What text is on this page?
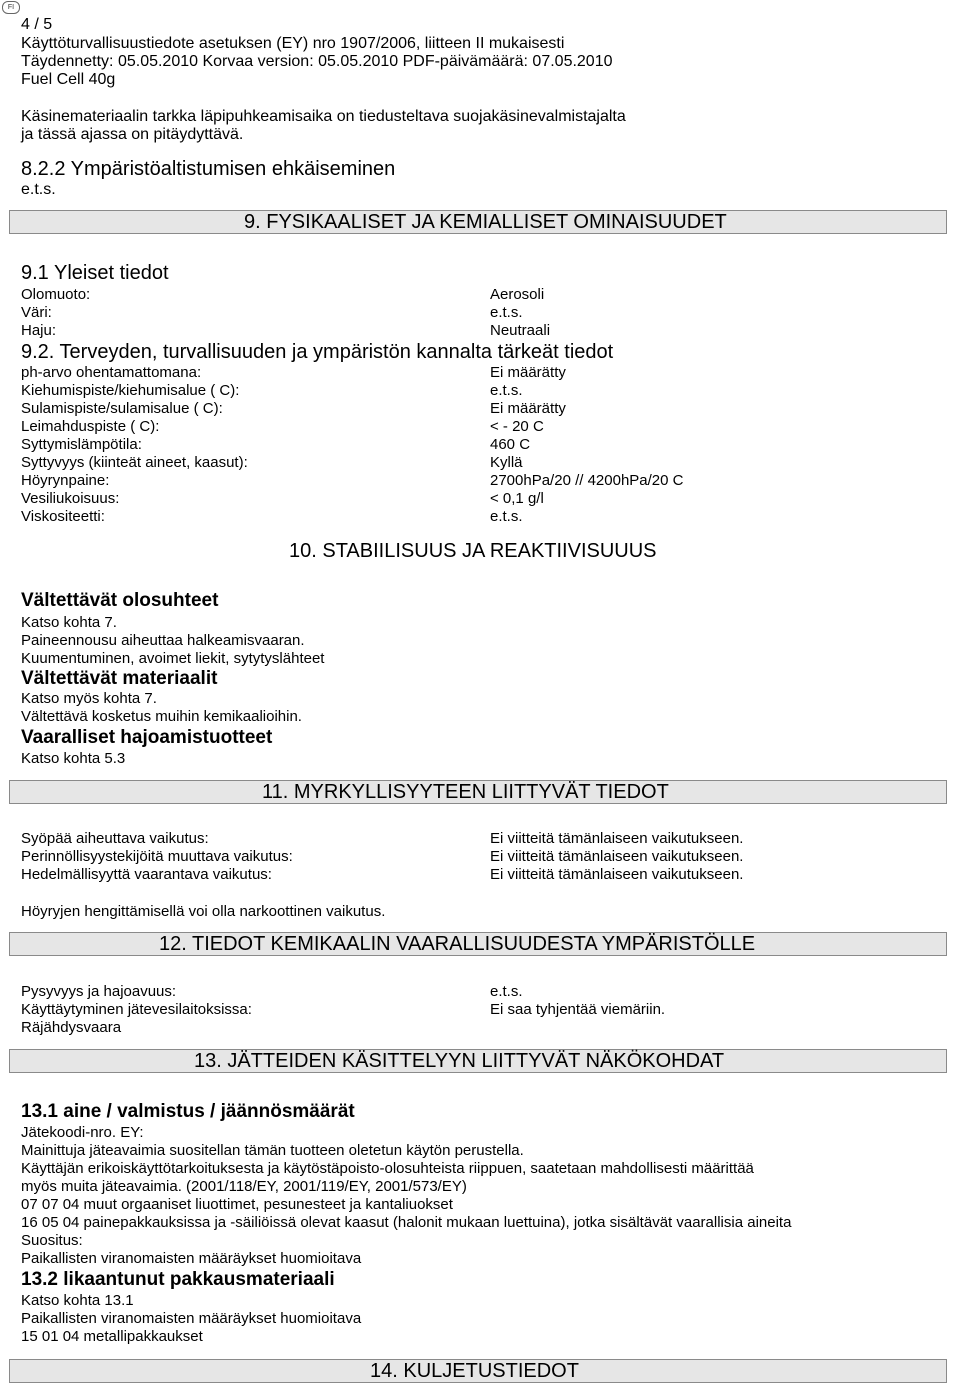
FI
4 / 5
Käyttöturvallisuustiedote asetuksen (EY) nro 1907/2006, liitteen II mukaisesti
Täydennetty: 05.05.2010 Korvaa version: 05.05.2010 PDF-päivämäärä: 07.05.2010
Fuel Cell 40g
Käsinemateriaalin tarkka läpipuhkeamisaika on tiedusteltava suojakäsinevalmistajalta
ja tässä ajassa on pitäydyttävä.
8.2.2 Ympäristöaltistumisen ehkäiseminen
e.t.s.
9. FYSIKAALISET JA KEMIALLISET OMINAISUUDET
9.1 Yleiset tiedot
Olomuoto:	Aerosoli
Väri:	e.t.s.
Haju:	Neutraali
9.2. Terveyden, turvallisuuden ja ympäristön kannalta tärkeät tiedot
ph-arvo ohentamattomana:	Ei määrätty
Kiehumispiste/kiehumisalue ( C):	e.t.s.
Sulamispiste/sulamisalue ( C):	Ei määrätty
Leimahduspiste ( C):	< - 20 C
Syttymislämpötila:	460 C
Syttyvyys (kiinteät aineet, kaasut):	Kyllä
Höyrynpaine:	2700hPa/20 // 4200hPa/20 C
Vesiliukoisuus:	< 0,1 g/l
Viskositeetti:	e.t.s.
10. STABIILISUUS JA REAKTIIVISUUUS
Vältettävät olosuhteet
Katso kohta 7.
Paineennousu aiheuttaa halkeamisvaaran.
Kuumentuminen, avoimet liekit, sytytyslähteet
Vältettävät materiaalit
Katso myös kohta 7.
Vältettävä kosketus muihin kemikaalioihin.
Vaaralliset hajoamistuotteet
Katso kohta 5.3
11. MYRKYLLISYYTEEN LIITTYVÄT TIEDOT
Syöpää aiheuttava vaikutus:	Ei viitteitä tämänlaiseen vaikutukseen.
Perinnöllisyystekijöitä muuttava vaikutus:	Ei viitteitä tämänlaiseen vaikutukseen.
Hedelmällisyyttä vaarantava vaikutus:	Ei viitteitä tämänlaiseen vaikutukseen.
Höyryjen hengittämisellä voi olla narkoottinen vaikutus.
12. TIEDOT KEMIKAALIN VAARALLISUUDESTA YMPÄRISTÖLLE
Pysyvyys ja hajoavuus:	e.t.s.
Käyttäytyminen jätevesilaitoksissa:	Ei saa tyhjentää viemäriin.
Räjähdysvaara
13. JÄTTEIDEN KÄSITTELYYN LIITTYVÄT NÄKÖKOHDAT
13.1 aine / valmistus / jäännösmäärät
Jätekoodi-nro. EY:
Mainittuja jäteavaimia suositellan tämän tuotteen oletetun käytön perustella.
Käyttäjän erikoiskäyttötarkoituksesta ja käytöstäpoisto-olosuhteista riippuen, saatetaan mahdollisesti määrittää
myös muita jäteavaimia. (2001/118/EY, 2001/119/EY, 2001/573/EY)
07 07 04 muut orgaaniset liuottimet, pesunesteet ja kantaliuokset
16 05 04 painepakkauksissa ja -säiliöissä olevat kaasut (halonit mukaan luettuina), jotka sisältävät vaarallisia aineita
Suositus:
Paikallisten viranomaisten määräykset huomioitava
13.2 likaantunut pakkausmateriaali
Katso kohta 13.1
Paikallisten viranomaisten määräykset huomioitava
15 01 04 metallipakkaukset
14. KULJETUSTIEDOT
